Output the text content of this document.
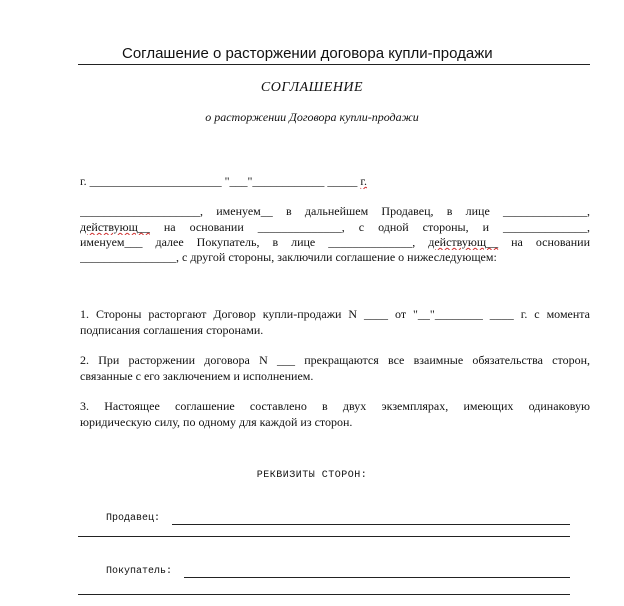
Соглашение о расторжении договора купли-продажи
СОГЛАШЕНИЕ
о расторжении Договора купли-продажи
г. ______________________ "___"____________ _____ г.
____________________, именуем__ в дальнейшем Продавец, в лице ______________,
действующ__ на основании ______________, с одной стороны, и ______________,
именуем___ далее Покупатель, в лице ______________, действующ__ на основании
________________, с другой стороны, заключили соглашение о нижеследующем:
1. Стороны расторгают Договор купли-продажи N ____ от "__"________ ____ г. с момента
подписания соглашения сторонами.
2. При расторжении договора N ___ прекращаются все взаимные обязательства сторон,
связанные с его заключением и исполнением.
3. Настоящее соглашение составлено в двух экземплярах, имеющих одинаковую
юридическую силу, по одному для каждой из сторон.
РЕКВИЗИТЫ СТОРОН:
Продавец:
Покупатель:
